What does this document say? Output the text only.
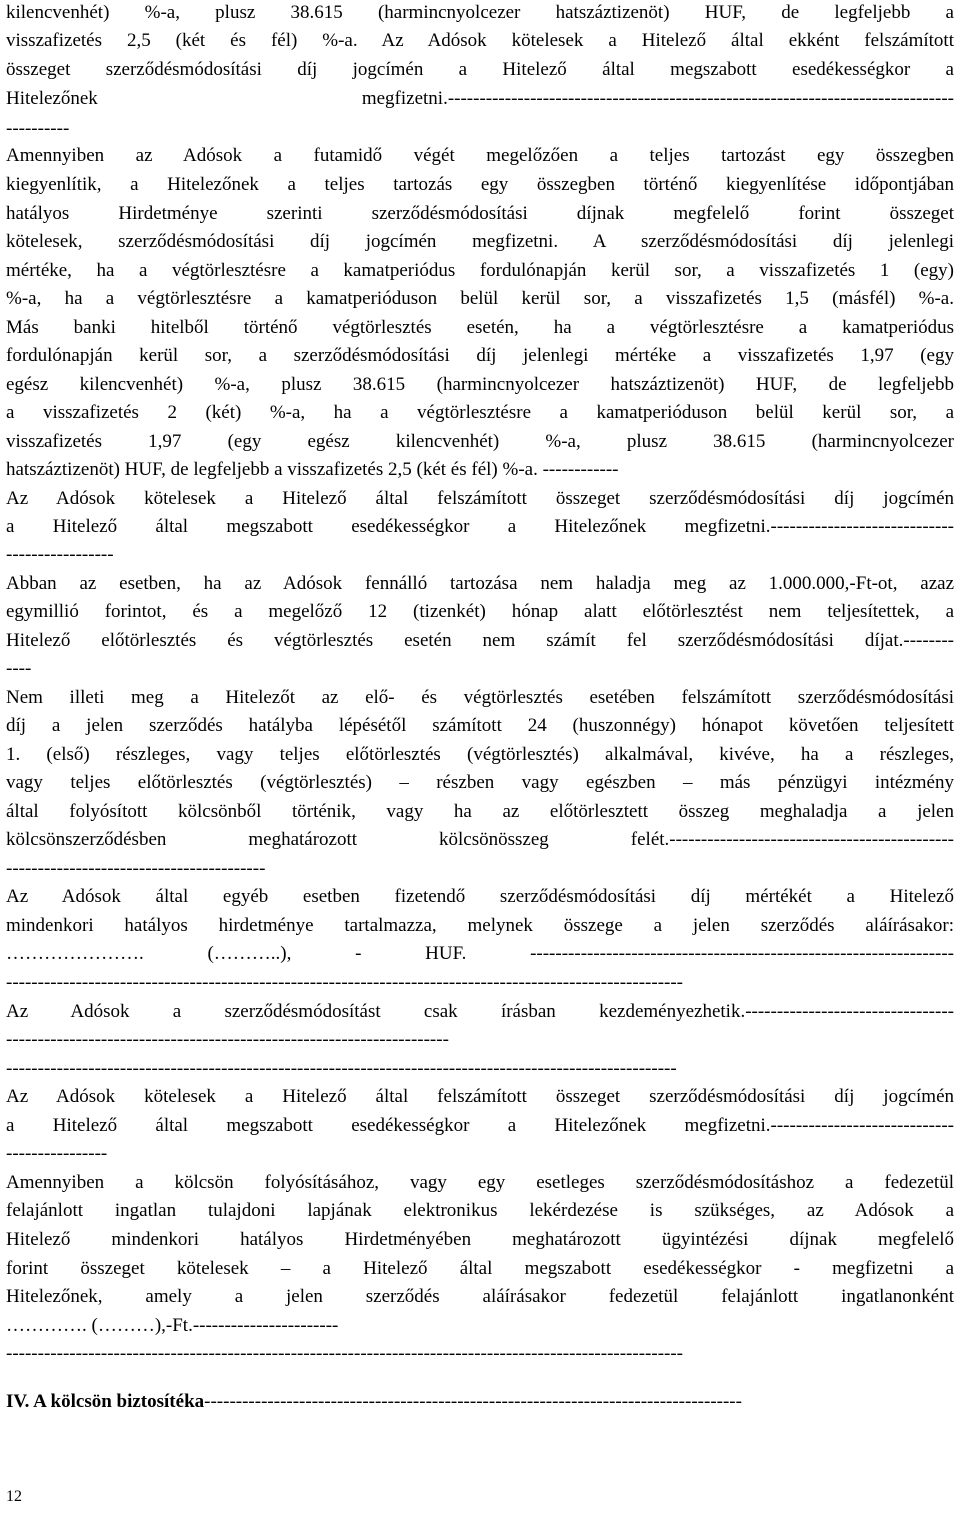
kilencvenhét) %-a, plusz 38.615 (harmincnyolcezer hatszáztizenöt) HUF, de legfeljebb a
visszafizetés 2,5 (két és fél) %-a. Az Adósok kötelesek a Hitelező által ekként felszámított
összeget szerződésmódosítási díj jogcímén a Hitelező által megszabott esedékességkor a
Hitelezőnek megfizetni.--------------------------------------------------------------------------------
----------
Amennyiben az Adósok a futamidő végét megelőzően a teljes tartozást egy összegben
kiegyenlítik, a Hitelezőnek a teljes tartozás egy összegben történő kiegyenlítése időpontjában
hatályos Hirdetménye szerinti szerződésmódosítási díjnak megfelelő forint összeget
kötelesek, szerződésmódosítási díj jogcímén megfizetni. A szerződésmódosítási díj jelenlegi
mértéke, ha a végtörlesztésre a kamatperiódus fordulónapján kerül sor, a visszafizetés 1 (egy)
%-a, ha a végtörlesztésre a kamatperióduson belül kerül sor, a visszafizetés 1,5 (másfél) %-a.
Más banki hitelből történő végtörlesztés esetén, ha a végtörlesztésre a kamatperiódus
fordulónapján kerül sor, a szerződésmódosítási díj jelenlegi mértéke a visszafizetés 1,97 (egy
egész kilencvenhét) %-a, plusz 38.615 (harmincnyolcezer hatszáztizenöt) HUF, de legfeljebb
a visszafizetés 2 (két) %-a, ha a végtörlesztésre a kamatperióduson belül kerül sor, a
visszafizetés 1,97 (egy egész kilencvenhét) %-a, plusz 38.615 (harmincnyolcezer
hatszáztizenöt) HUF, de legfeljebb a visszafizetés 2,5 (két és fél) %-a. ------------
Az Adósok kötelesek a Hitelező által felszámított összeget szerződésmódosítási díj jogcímén
a Hitelező által megszabott esedékességkor a Hitelezőnek megfizetni.-----------------------------
-----------------
Abban az esetben, ha az Adósok fennálló tartozása nem haladja meg az 1.000.000,-Ft-ot, azaz
egymillió forintot, és a megelőző 12 (tizenkét) hónap alatt előtörlesztést nem teljesítettek, a
Hitelező előtörlesztés és végtörlesztés esetén nem számít fel szerződésmódosítási díjat.--------
----
Nem illeti meg a Hitelezőt az elő- és végtörlesztés esetében felszámított szerződésmódosítási
díj a jelen szerződés hatályba lépésétől számított 24 (huszonnégy) hónapot követően teljesített
1. (első) részleges, vagy teljes előtörlesztés (végtörlesztés) alkalmával, kivéve, ha a részleges,
vagy teljes előtörlesztés (végtörlesztés) – részben vagy egészben – más pénzügyi intézmény
által folyósított kölcsönből történik, vagy ha az előtörlesztett összeg meghaladja a jelen
kölcsönszerződésben meghatározott kölcsönösszeg felét.---------------------------------------------
-----------------------------------------
Az Adósok által egyéb esetben fizetendő szerződésmódosítási díj mértékét a Hitelező
mindenkori hatályos hirdetménye tartalmazza, melynek összege a jelen szerződés aláírásakor:
…………………. (………..), - HUF. -------------------------------------------------------------------
-----------------------------------------------------------------------------------------------------------
Az Adósok a szerződésmódosítást csak írásban kezdeményezhetik.---------------------------------
----------------------------------------------------------------------
----------------------------------------------------------------------------------------------------------
Az Adósok kötelesek a Hitelező által felszámított összeget szerződésmódosítási díj jogcímén
a Hitelező által megszabott esedékességkor a Hitelezőnek megfizetni.-----------------------------
----------------
Amennyiben a kölcsön folyósításához, vagy egy esetleges szerződésmódosításhoz a fedezetül
felajánlott ingatlan tulajdoni lapjának elektronikus lekérdezése is szükséges, az Adósok a
Hitelező mindenkori hatályos Hirdetményében meghatározott ügyintézési díjnak megfelelő
forint összeget kötelesek – a Hitelező által megszabott esedékességkor - megfizetni a
Hitelezőnek, amely a jelen szerződés aláírásakor fedezetül felajánlott ingatlanonként
…………. (………),-Ft.-----------------------
-----------------------------------------------------------------------------------------------------------
IV. A kölcsön biztosítéka-------------------------------------------------------------------------------------
12
